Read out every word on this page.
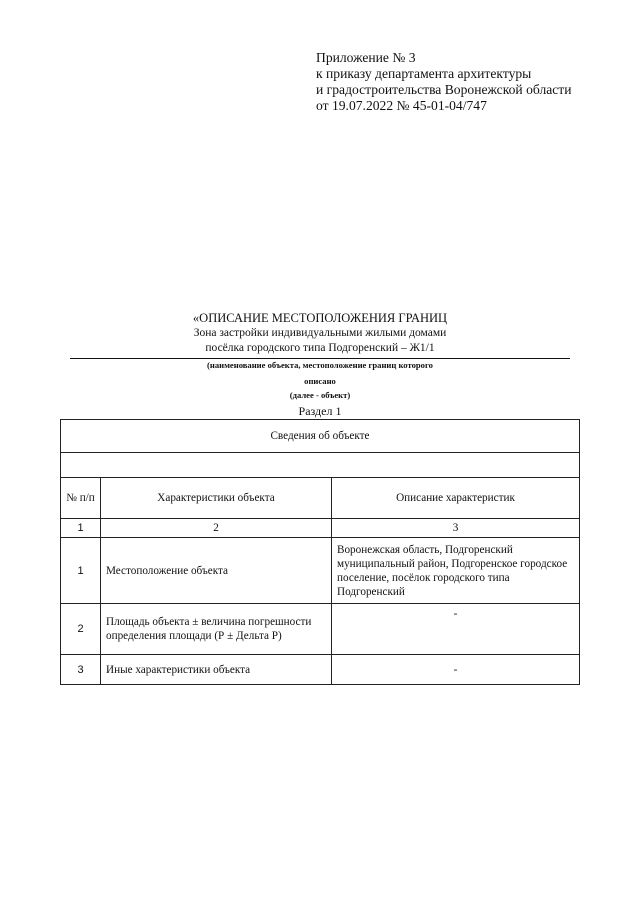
Приложение № 3
к приказу департамента архитектуры
и градостроительства Воронежской области
от 19.07.2022 № 45-01-04/747
«ОПИСАНИЕ МЕСТОПОЛОЖЕНИЯ ГРАНИЦ
Зона застройки индивидуальными жилыми домами
посёлка городского типа Подгоренский – Ж1/1
(наименование объекта, местоположение границ которого
описано
(далее - объект)
Раздел 1
Сведения об объекте		

№ п/п	Характеристики объекта	Описание характеристик
1	2	3
1	Местоположение объекта	Воронежская область, Подгоренский муниципальный район, Подгоренское городское поселение, посёлок городского типа Подгоренский
2	Площадь объекта ± величина погрешности определения площади (Р ± Дельта Р)	-
3	Иные характеристики объекта	-
